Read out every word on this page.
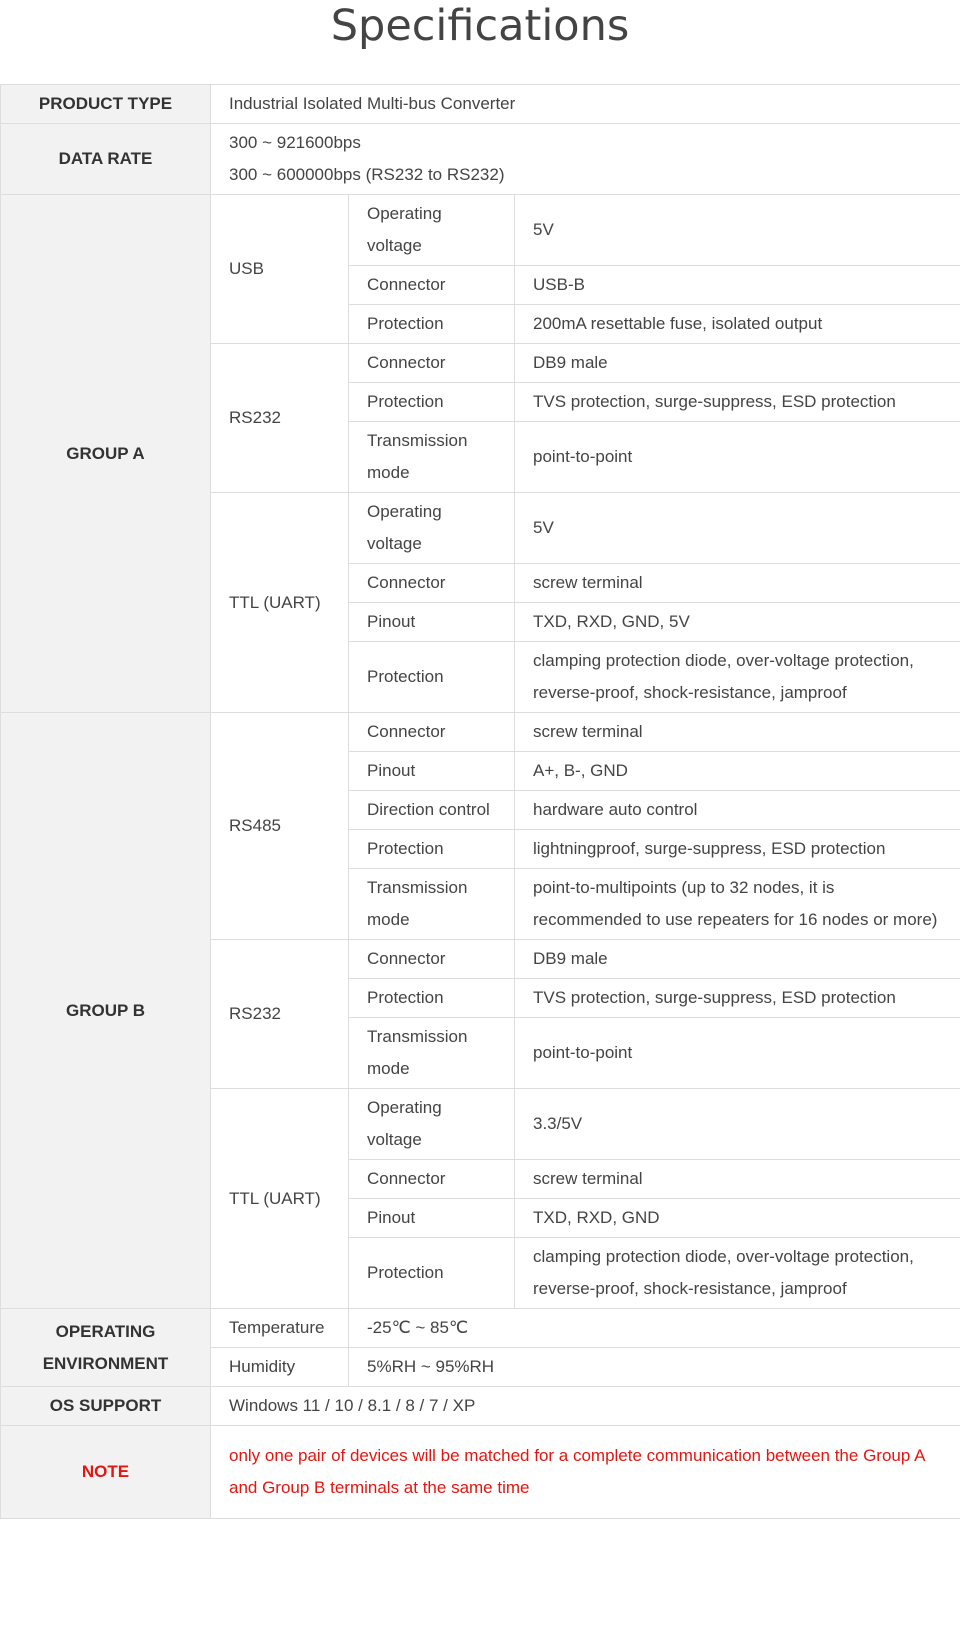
Specifications
PRODUCT TYPE	Industrial Isolated Multi-bus Converter		
DATA RATE	300 ~ 921600bps
300 ~ 600000bps (RS232 to RS232)		

GROUP A	USB	Operating voltage	5V
		Connector	USB-B
		Protection	200mA resettable fuse, isolated output
	RS232	Connector	DB9 male
		Protection	TVS protection, surge-suppress, ESD protection
		Transmission mode	point-to-point
	TTL (UART)	Operating voltage	5V
		Connector	screw terminal
		Pinout	TXD, RXD, GND, 5V
		Protection	clamping protection diode, over-voltage protection, reverse-proof, shock-resistance, jamproof
GROUP B	RS485	Connector	screw terminal
		Pinout	A+, B-, GND
		Direction control	hardware auto control
		Protection	lightningproof, surge-suppress, ESD protection
		Transmission mode	point-to-multipoints (up to 32 nodes, it is recommended to use repeaters for 16 nodes or more)
	RS232	Connector	DB9 male
		Protection	TVS protection, surge-suppress, ESD protection
		Transmission mode	point-to-point
	TTL (UART)	Operating voltage	3.3/5V
		Connector	screw terminal
		Pinout	TXD, RXD, GND
		Protection	clamping protection diode, over-voltage protection, reverse-proof, shock-resistance, jamproof
OPERATING ENVIRONMENT	Temperature	-25℃ ~ 85℃	
	Humidity	5%RH ~ 95%RH	
OS SUPPORT	Windows 11 / 10 / 8.1 / 8 / 7 / XP		
NOTE	only one pair of devices will be matched for a complete communication between the Group A and Group B terminals at the same time		
